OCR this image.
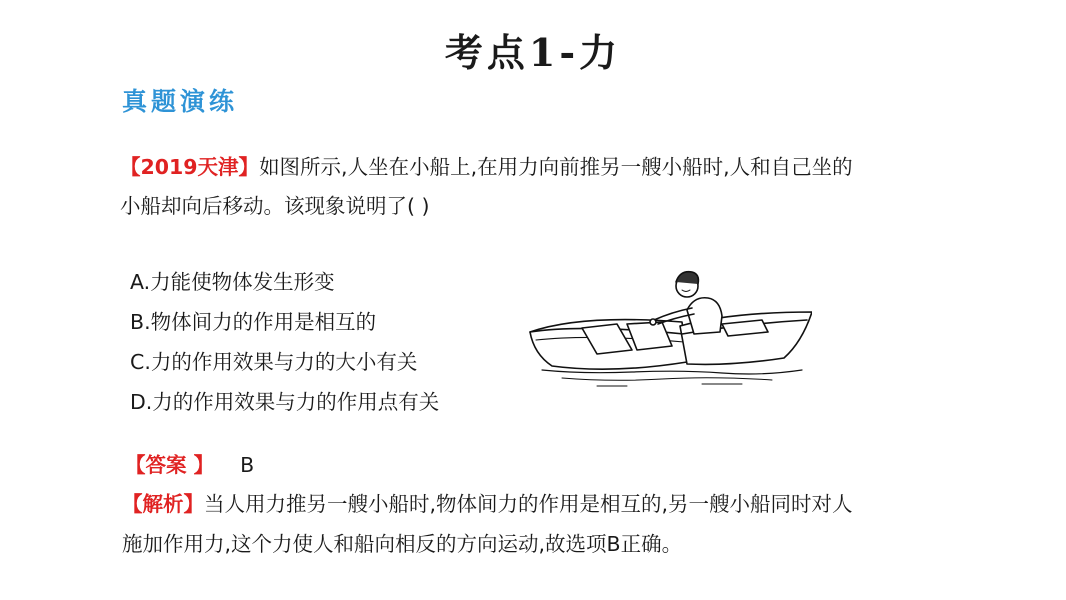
考点1-力
真题演练
【2019天津】如图所示,人坐在小船上,在用力向前推另一艘小船时,人和自己坐的小船却向后移动。该现象说明了( )
A.力能使物体发生形变
B.物体间力的作用是相互的
C.力的作用效果与力的大小有关
D.力的作用效果与力的作用点有关
【答案 】 B
【解析】当人用力推另一艘小船时,物体间力的作用是相互的,另一艘小船同时对人施加作用力,这个力使人和船向相反的方向运动,故选项B正确。
